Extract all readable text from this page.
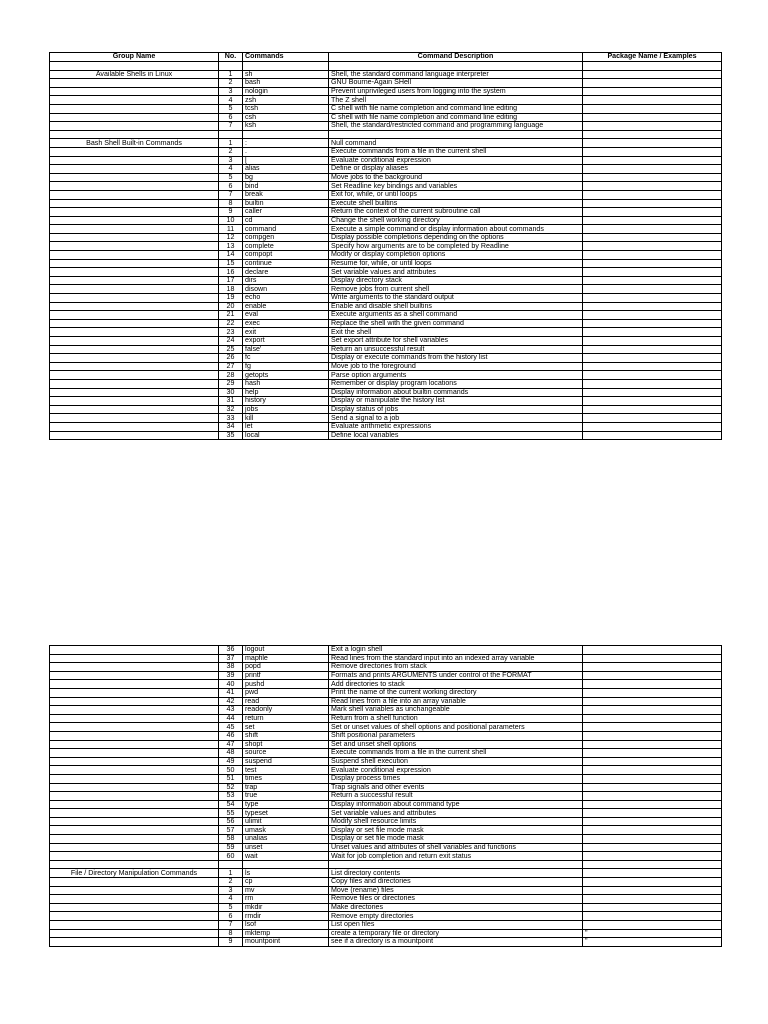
Group Name	No.	Commands	Command Description	Package Name / Examples

Available Shells in Linux	1	sh	Shell, the standard command language interpreter	
	2	bash	GNU Bourne-Again SHell	
	3	nologin	Prevent unprivileged users from logging into the system	
	4	zsh	The Z shell	
	5	tcsh	C shell with file name completion and command line editing	
	6	csh	C shell with file name completion and command line editing	
	7	ksh	Shell, the standard/restricted command and programming language	

Bash Shell Built-in Commands	1	:	Null command	
	2	.	Execute commands from a file in the current shell	
	3	[	Evaluate conditional expression	
	4	alias	Define or display aliases	
	5	bg	Move jobs to the background	
	6	bind	Set Readline key bindings and variables	
	7	break	Exit for, while, or until loops	
	8	builtin	Execute shell builtins	
	9	caller	Return the context of the current subroutine call	
	10	cd	Change the shell working directory	
	11	command	Execute a simple command or display information about commands	
	12	compgen	Display possible completions depending on the options	
	13	complete	Specify how arguments are to be completed by Readline	
	14	compopt	Modify or display completion options	
	15	continue	Resume for, while, or until loops	
	16	declare	Set variable values and attributes	
	17	dirs	Display directory stack	
	18	disown	Remove jobs from current shell	
	19	echo	Write arguments to the standard output	
	20	enable	Enable and disable shell builtins	
	21	eval	Execute arguments as a shell command	
	22	exec	Replace the shell with the given command	
	23	exit	Exit the shell	
	24	export	Set export attribute for shell variables	
	25	false'	Return an unsuccessful result	
	26	fc	Display or execute commands from the history list	
	27	fg	Move job to the foreground	
	28	getopts	Parse option arguments	
	29	hash	Remember or display program locations	
	30	help	Display information about builtin commands	
	31	history	Display or manipulate the history list	
	32	jobs	Display status of jobs	
	33	kill	Send a signal to a job	
	34	let	Evaluate arithmetic expressions	
	35	local	Define local variables	
	36	logout	Exit a login shell	
	37	mapfile	Read lines from the standard input into an indexed array variable	
	38	popd	Remove directories from stack	
	39	printf	Formats and prints ARGUMENTS under control of the FORMAT	
	40	pushd	Add directories to stack	
	41	pwd	Print the name of the current working directory	
	42	read	Read lines from a file into an array variable	
	43	readonly	Mark shell variables as unchangeable	
	44	return	Return from a shell function	
	45	set	Set or unset values of shell options and positional parameters	
	46	shift	Shift positional parameters	
	47	shopt	Set and unset shell options	
	48	source	Execute commands from a file in the current shell	
	49	suspend	Suspend shell execution	
	50	test	Evaluate conditional expression	
	51	times	Display process times	
	52	trap	Trap signals and other events	
	53	true	Return a successful result	
	54	type	Display information about command type	
	55	typeset	Set variable values and attributes	
	56	ulimit	Modify shell resource limits	
	57	umask	Display or set file mode mask	
	58	unalias	Display or set file mode mask	
	59	unset	Unset values and attributes of shell variables and functions	
	60	wait	Wait for job completion and return exit status	

File / Directory Manipulation Commands	1	ls	List directory contents	
	2	cp	Copy files and directories	
	3	mv	Move (rename) files	
	4	rm	Remove files or directories	
	5	mkdir	Make directories	
	6	rmdir	Remove empty directories	
	7	lsof	List open files	
	8	mktemp	create a temporary file or directory	"
	9	mountpoint	see if a directory is a mountpoint	"
